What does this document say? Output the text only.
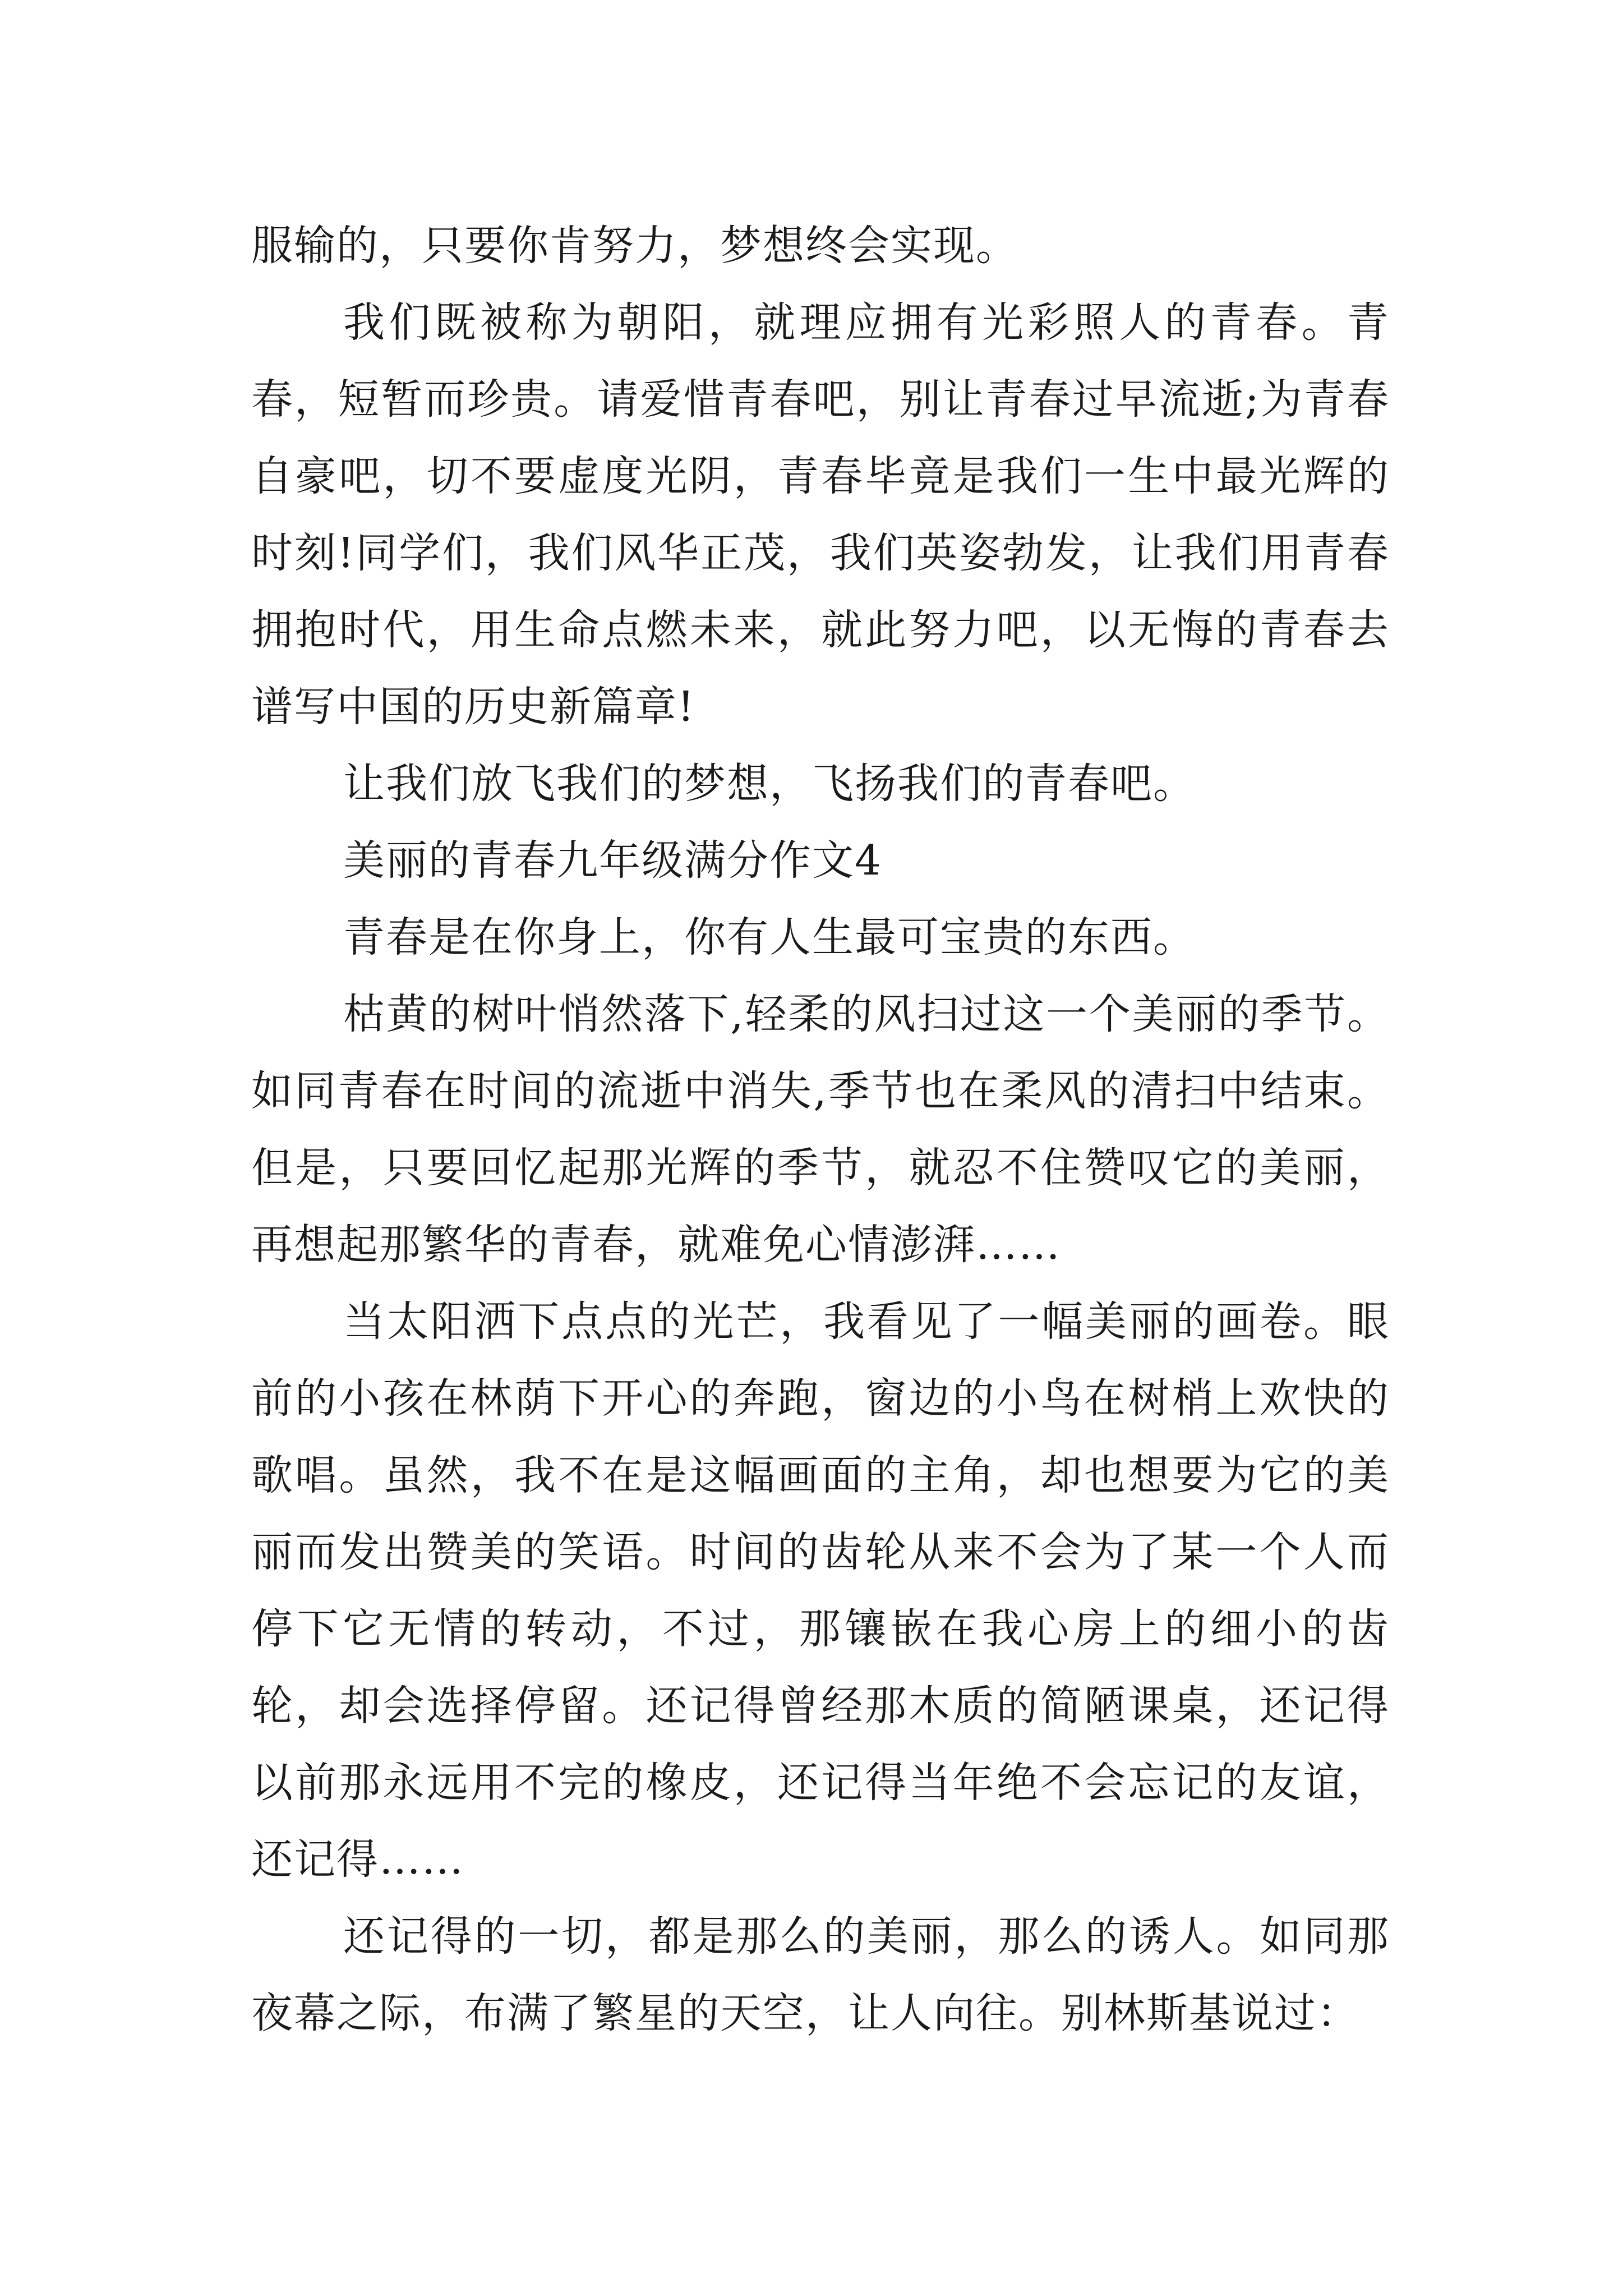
服输的，只要你肯努力，梦想终会实现。

我们既被称为朝阳，就理应拥有光彩照人的青春。青春，短暂而珍贵。请爱惜青春吧，别让青春过早流逝;为青春自豪吧，切不要虚度光阴，青春毕竟是我们一生中最光辉的时刻!同学们，我们风华正茂，我们英姿勃发，让我们用青春拥抱时代，用生命点燃未来，就此努力吧，以无悔的青春去谱写中国的历史新篇章!

让我们放飞我们的梦想，飞扬我们的青春吧。

美丽的青春九年级满分作文4

青春是在你身上，你有人生最可宝贵的东西。

枯黄的树叶悄然落下,轻柔的风扫过这一个美丽的季节。如同青春在时间的流逝中消失,季节也在柔风的清扫中结束。但是，只要回忆起那光辉的季节，就忍不住赞叹它的美丽，再想起那繁华的青春，就难免心情澎湃……

当太阳洒下点点的光芒，我看见了一幅美丽的画卷。眼前的小孩在林荫下开心的奔跑，窗边的小鸟在树梢上欢快的歌唱。虽然，我不在是这幅画面的主角，却也想要为它的美丽而发出赞美的笑语。时间的齿轮从来不会为了某一个人而停下它无情的转动，不过，那镶嵌在我心房上的细小的齿轮，却会选择停留。还记得曾经那木质的简陋课桌，还记得以前那永远用不完的橡皮，还记得当年绝不会忘记的友谊，还记得……

还记得的一切，都是那么的美丽，那么的诱人。如同那夜幕之际，布满了繁星的天空，让人向往。别林斯基说过：
